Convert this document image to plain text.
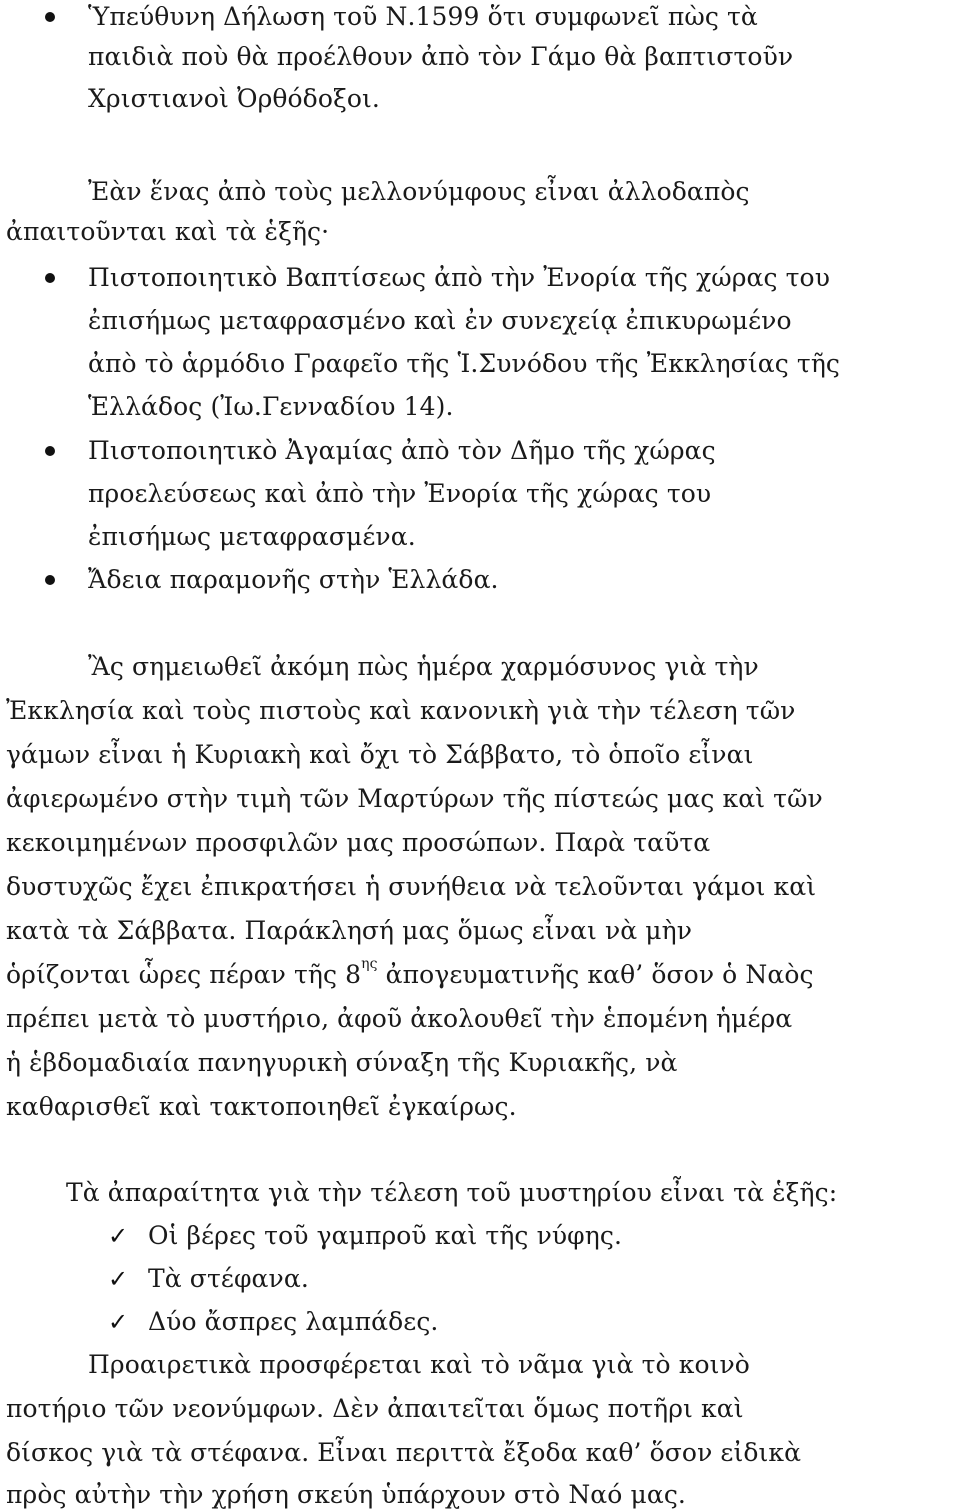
Ὑπεύθυνη Δήλωση τοῦ Ν.1599 ὅτι συμφωνεῖ πὼς τὰ
παιδιὰ ποὺ θὰ προέλθουν ἀπὸ τὸν Γάμο θὰ βαπτιστοῦν
Χριστιανοὶ Ὀρθόδοξοι.
Ἐὰν ἕνας ἀπὸ τοὺς μελλονύμφους εἶναι ἀλλοδαπὸς
ἀπαιτοῦνται καὶ τὰ ἑξῆς·
Πιστοποιητικὸ Βαπτίσεως ἀπὸ τὴν Ἐνορία τῆς χώρας του
ἐπισήμως μεταφρασμένο καὶ ἐν συνεχείᾳ ἐπικυρωμένο
ἀπὸ τὸ ἁρμόδιο Γραφεῖο τῆς Ἱ.Συνόδου τῆς Ἐκκλησίας τῆς
Ἑλλάδος (Ἰω.Γενναδίου 14).
Πιστοποιητικὸ Ἀγαμίας ἀπὸ τὸν Δῆμο τῆς χώρας
προελεύσεως καὶ ἀπὸ τὴν Ἐνορία τῆς χώρας του
ἐπισήμως μεταφρασμένα.
Ἄδεια παραμονῆς στὴν Ἑλλάδα.
Ἂς σημειωθεῖ ἀκόμη πὼς ἡμέρα χαρμόσυνος γιὰ τὴν
Ἐκκλησία καὶ τοὺς πιστοὺς καὶ κανονικὴ γιὰ τὴν τέλεση τῶν
γάμων εἶναι ἡ Κυριακὴ καὶ ὄχι τὸ Σάββατο, τὸ ὁποῖο εἶναι
ἀφιερωμένο στὴν τιμὴ τῶν Μαρτύρων τῆς πίστεώς μας καὶ τῶν
κεκοιμημένων προσφιλῶν μας προσώπων. Παρὰ ταῦτα
δυστυχῶς ἔχει ἐπικρατήσει ἡ συνήθεια νὰ τελοῦνται γάμοι καὶ
κατὰ τὰ Σάββατα. Παράκλησή μας ὅμως εἶναι νὰ μὴν
ὁρίζονται ὧρες πέραν τῆς $8^{\eta\varsigma}$ ἀπογευματινῆς καθ’ ὅσον ὁ Ναὸς
πρέπει μετὰ τὸ μυστήριο, ἀφοῦ ἀκολουθεῖ τὴν ἑπομένη ἡμέρα
ἡ ἑβδομαδιαία πανηγυρικὴ σύναξη τῆς Κυριακῆς, νὰ
καθαρισθεῖ καὶ τακτοποιηθεῖ ἐγκαίρως.
Τὰ ἀπαραίτητα γιὰ τὴν τέλεση τοῦ μυστηρίου εἶναι τὰ ἑξῆς:
✓ Οἱ βέρες τοῦ γαμπροῦ καὶ τῆς νύφης.
✓ Τὰ στέφανα.
✓ Δύο ἄσπρες λαμπάδες.
Προαιρετικὰ προσφέρεται καὶ τὸ νᾶμα γιὰ τὸ κοινὸ
ποτήριο τῶν νεονύμφων. Δὲν ἀπαιτεῖται ὅμως ποτῆρι καὶ
δίσκος γιὰ τὰ στέφανα. Εἶναι περιττὰ ἔξοδα καθ’ ὅσον εἰδικὰ
πρὸς αὐτὴν τὴν χρήση σκεύη ὑπάρχουν στὸ Ναό μας.
